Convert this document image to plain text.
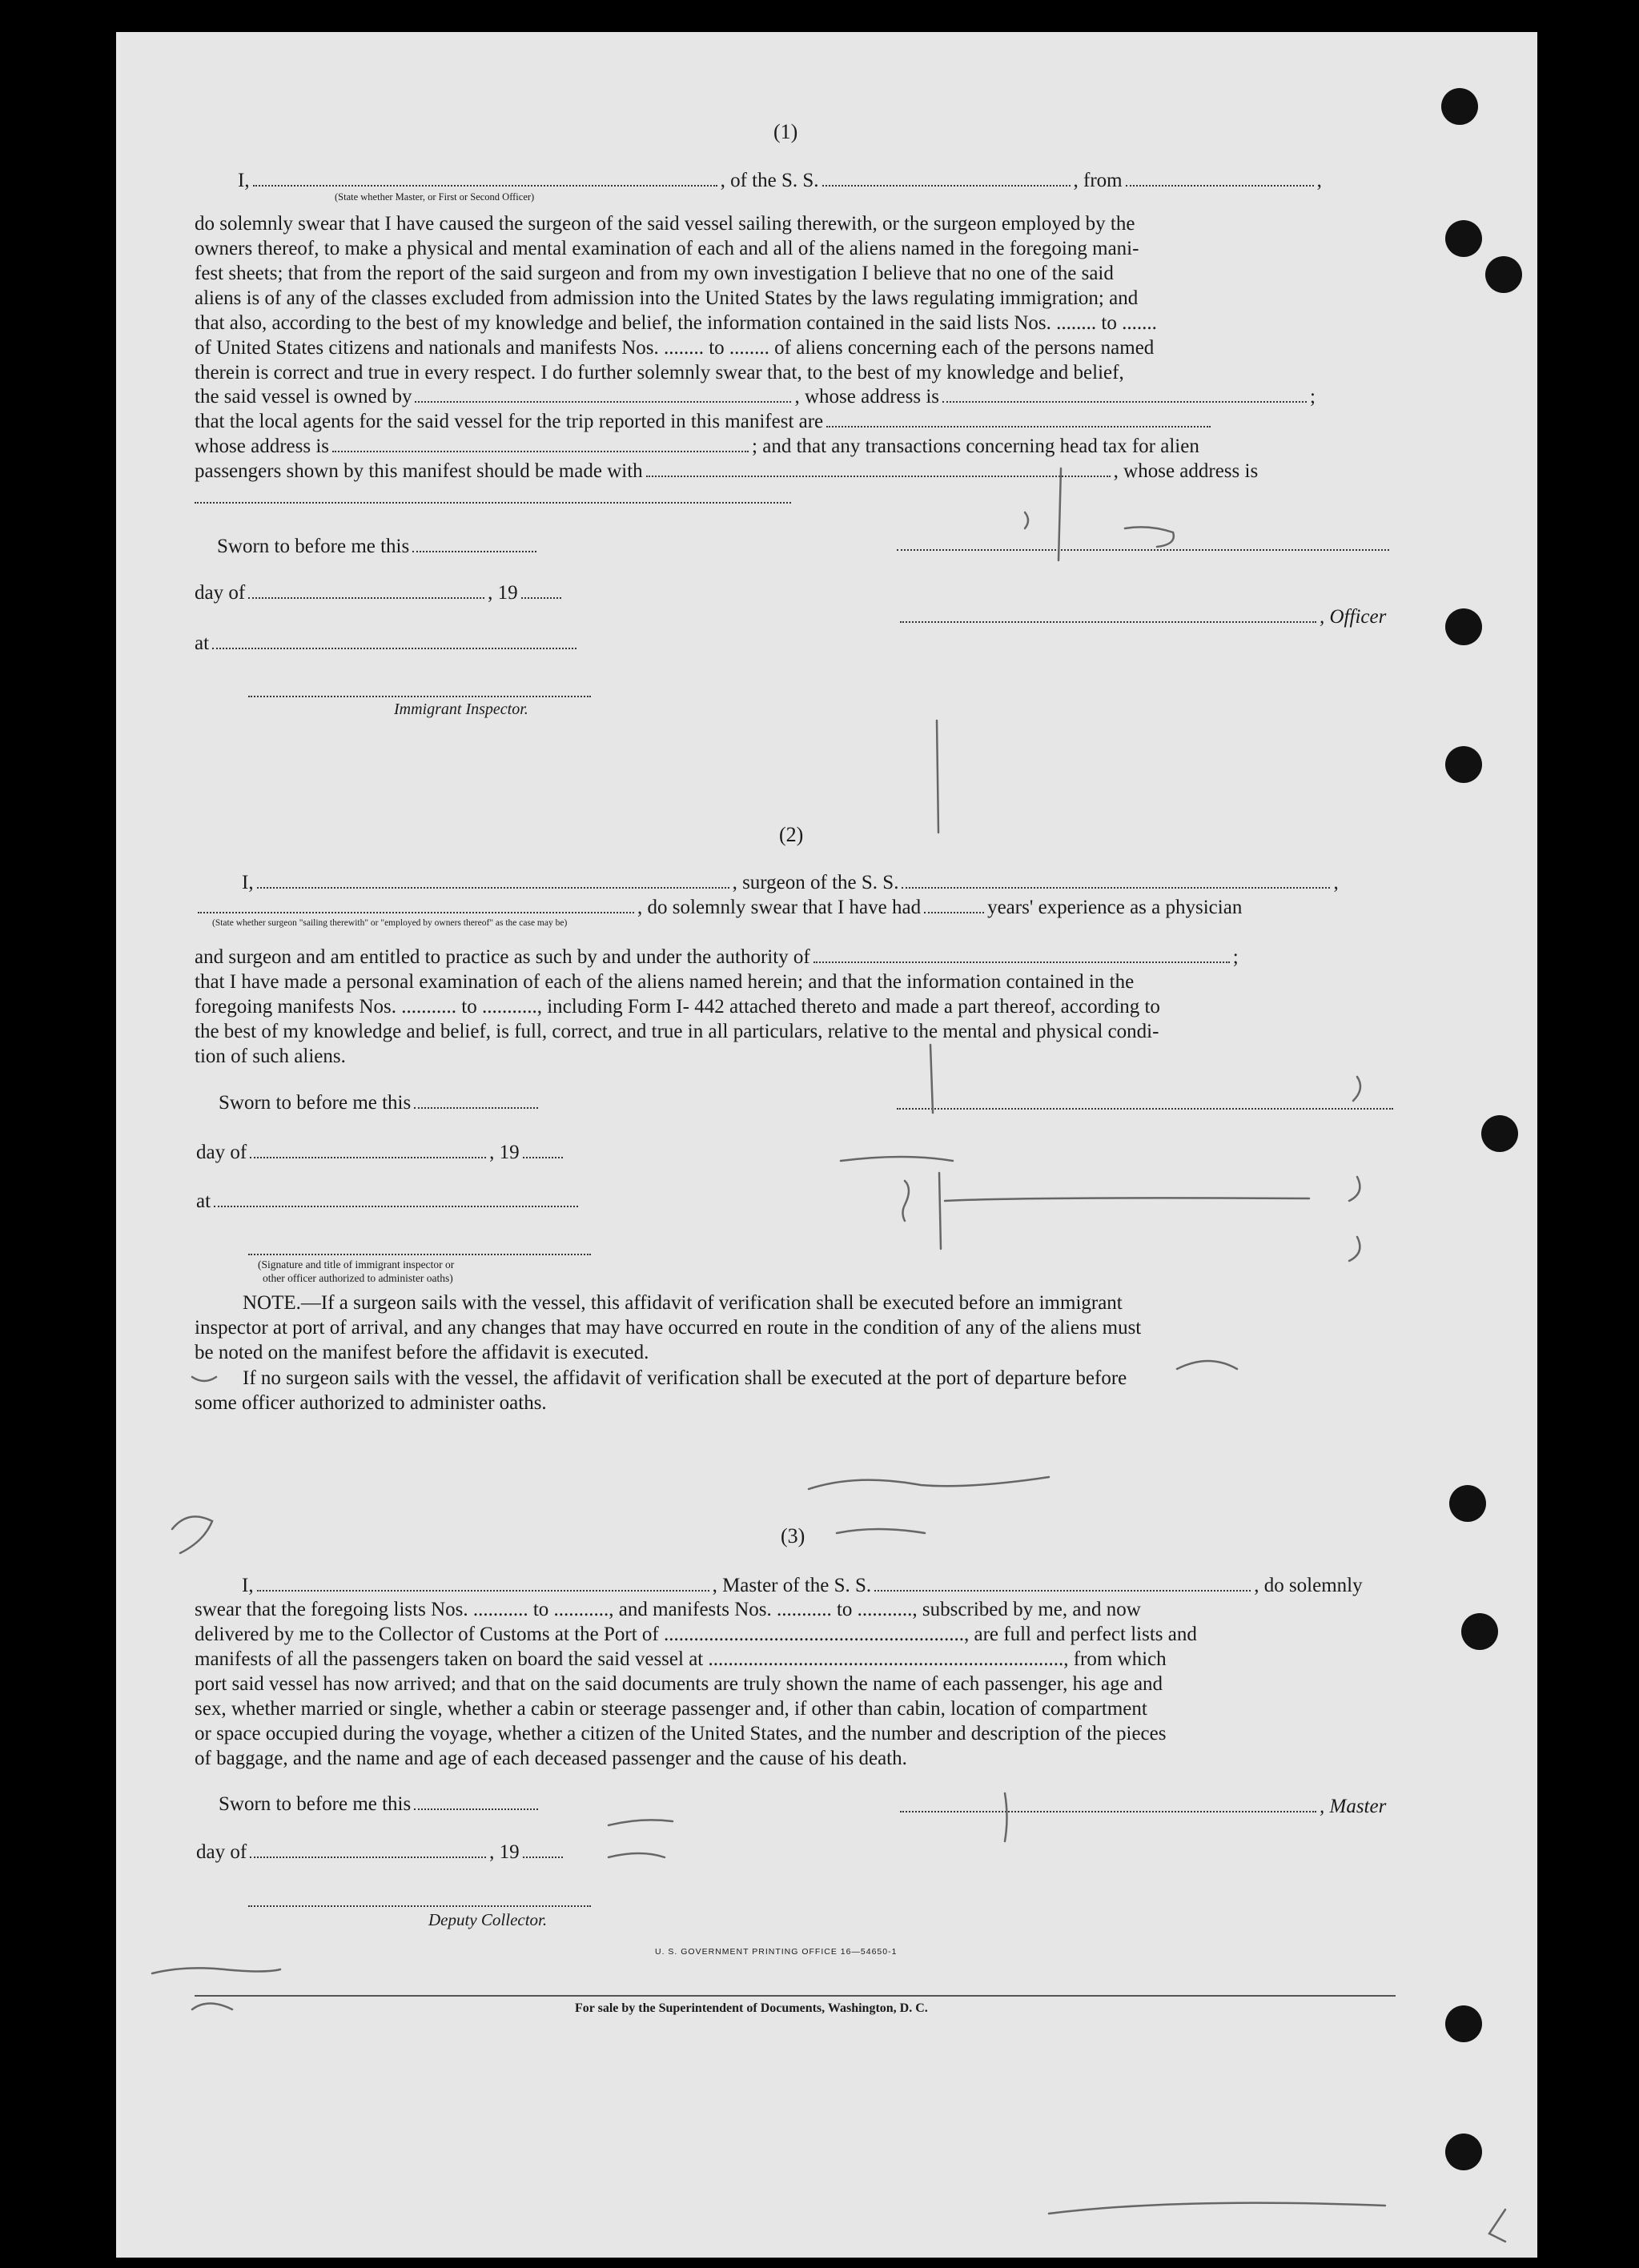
(1)
I,	, of the S. S.	, from	,
(State whether Master, or First or Second Officer)
do solemnly swear that I have caused the surgeon of the said vessel sailing therewith, or the surgeon employed by the
owners thereof, to make a physical and mental examination of each and all of the aliens named in the foregoing mani-
fest sheets; that from the report of the said surgeon and from my own investigation I believe that no one of the said
aliens is of any of the classes excluded from admission into the United States by the laws regulating immigration; and
that also, according to the best of my knowledge and belief, the information contained in the said lists Nos. ........ to .......
of United States citizens and nationals and manifests Nos. ........ to ........ of aliens concerning each of the persons named
therein is correct and true in every respect. I do further solemnly swear that, to the best of my knowledge and belief,
the said vessel is owned by	, whose address is	;
that the local agents for the said vessel for the trip reported in this manifest are
whose address is	; and that any transactions concerning head tax for alien
passengers shown by this manifest should be made with	, whose address is
Sworn to before me this
day of	, 19
, Officer
at
Immigrant Inspector.
(2)
I,	, surgeon of the S. S.	,
, do solemnly swear that I have had	years' experience as a physician
(State whether surgeon "sailing therewith" or "employed by owners thereof" as the case may be)
and surgeon and am entitled to practice as such by and under the authority of	;
that I have made a personal examination of each of the aliens named herein; and that the information contained in the
foregoing manifests Nos. ........... to ..........., including Form I- 442 attached thereto and made a part thereof, according to
the best of my knowledge and belief, is full, correct, and true in all particulars, relative to the mental and physical condi-
tion of such aliens.
Sworn to before me this
day of	, 19
at
(Signature and title of immigrant inspector or
other officer authorized to administer oaths)
NOTE.—If a surgeon sails with the vessel, this affidavit of verification shall be executed before an immigrant
inspector at port of arrival, and any changes that may have occurred en route in the condition of any of the aliens must
be noted on the manifest before the affidavit is executed.
If no surgeon sails with the vessel, the affidavit of verification shall be executed at the port of departure before
some officer authorized to administer oaths.
(3)
I,	, Master of the S. S.	, do solemnly
swear that the foregoing lists Nos. ........... to ..........., and manifests Nos. ........... to ..........., subscribed by me, and now
delivered by me to the Collector of Customs at the Port of ............................................................, are full and perfect lists and
manifests of all the passengers taken on board the said vessel at ......................................................................., from which
port said vessel has now arrived; and that on the said documents are truly shown the name of each passenger, his age and
sex, whether married or single, whether a cabin or steerage passenger and, if other than cabin, location of compartment
or space occupied during the voyage, whether a citizen of the United States, and the number and description of the pieces
of baggage, and the name and age of each deceased passenger and the cause of his death.
Sworn to before me this	, Master
day of	, 19
Deputy Collector.
U. S. GOVERNMENT PRINTING OFFICE 16—54650-1
For sale by the Superintendent of Documents, Washington, D. C.
